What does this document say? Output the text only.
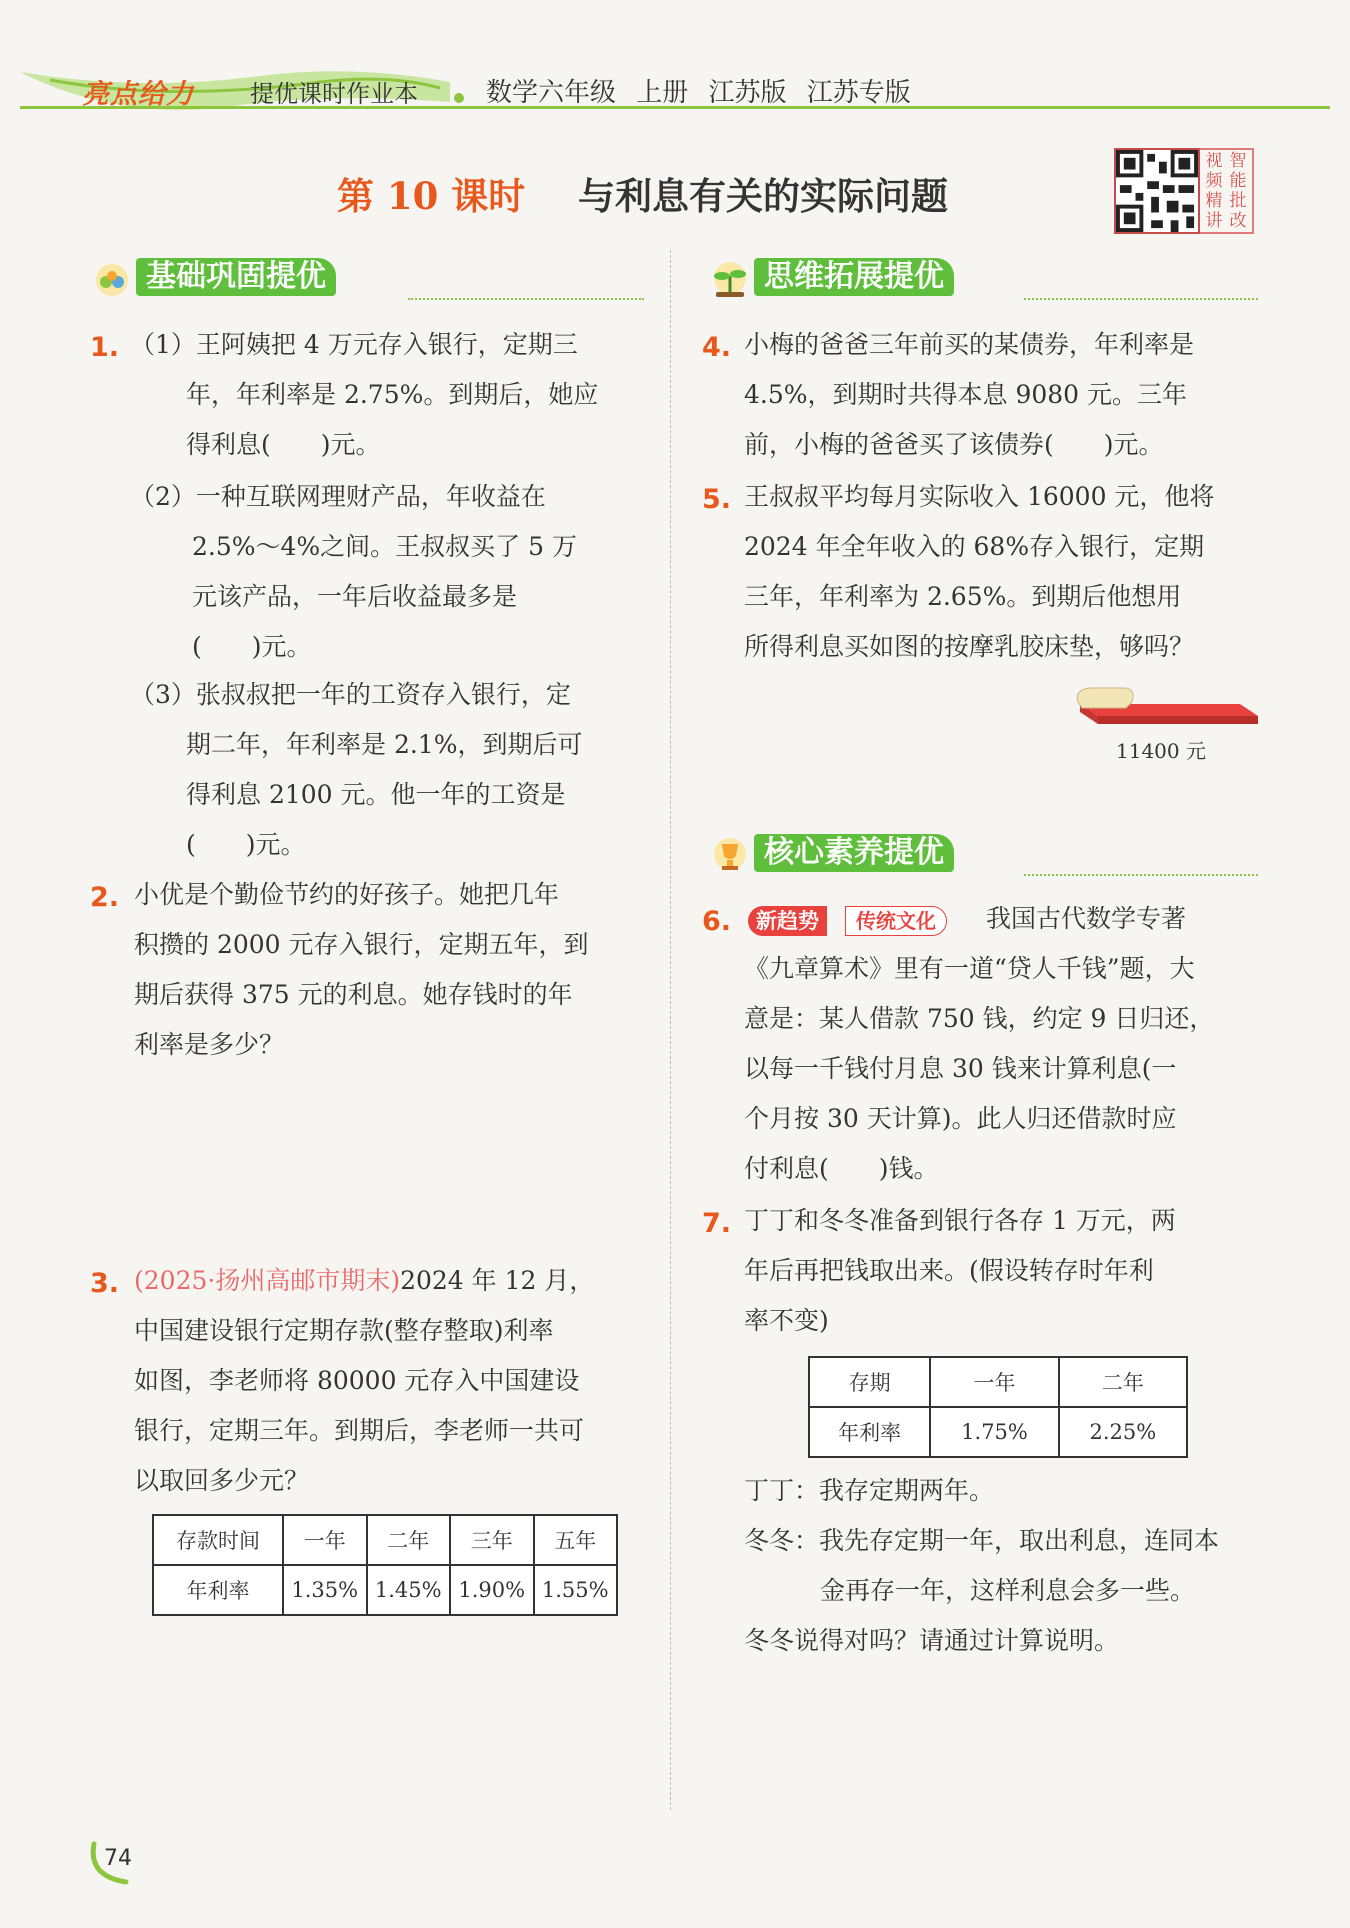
亮点给力 提优课时作业本	数学六年级 上册 江苏版 江苏专版
第 10 课时 与利息有关的实际问题
视 智
频 能
精 批
讲 改
基础巩固提优	思维拓展提优
核心素养提优
1. （1）王阿姨把 4 万元存入银行，定期三
年，年利率是 2.75%。到期后，她应
得利息(　　)元。
（2）一种互联网理财产品，年收益在
2.5%～4%之间。王叔叔买了 5 万
元该产品，一年后收益最多是
(　　)元。
（3）张叔叔把一年的工资存入银行，定
期二年，年利率是 2.1%，到期后可
得利息 2100 元。他一年的工资是
(　　)元。
2. 小优是个勤俭节约的好孩子。她把几年
积攒的 2000 元存入银行，定期五年，到
期后获得 375 元的利息。她存钱时的年
利率是多少？
3. (2025·扬州高邮市期末)2024 年 12 月，
中国建设银行定期存款(整存整取)利率
如图，李老师将 80000 元存入中国建设
银行，定期三年。到期后，李老师一共可
以取回多少元？
存款时间	一年	二年	三年	五年
年利率	1.35%	1.45%	1.90%	1.55%
4. 小梅的爸爸三年前买的某债券，年利率是
4.5%，到期时共得本息 9080 元。三年
前，小梅的爸爸买了该债券(　　)元。
5. 王叔叔平均每月实际收入 16000 元，他将
2024 年全年收入的 68%存入银行，定期
三年，年利率为 2.65%。到期后他想用
所得利息买如图的按摩乳胶床垫，够吗？
11400 元
6.	新趋势	传统文化	我国古代数学专著
《九章算术》里有一道“贷人千钱”题，大
意是：某人借款 750 钱，约定 9 日归还，
以每一千钱付月息 30 钱来计算利息(一
个月按 30 天计算)。此人归还借款时应
付利息(　　)钱。
7. 丁丁和冬冬准备到银行各存 1 万元，两
年后再把钱取出来。(假设转存时年利
率不变)
存期	一年	二年
年利率	1.75%	2.25%
丁丁：我存定期两年。
冬冬：我先存定期一年，取出利息，连同本
金再存一年，这样利息会多一些。
冬冬说得对吗？请通过计算说明。
74
